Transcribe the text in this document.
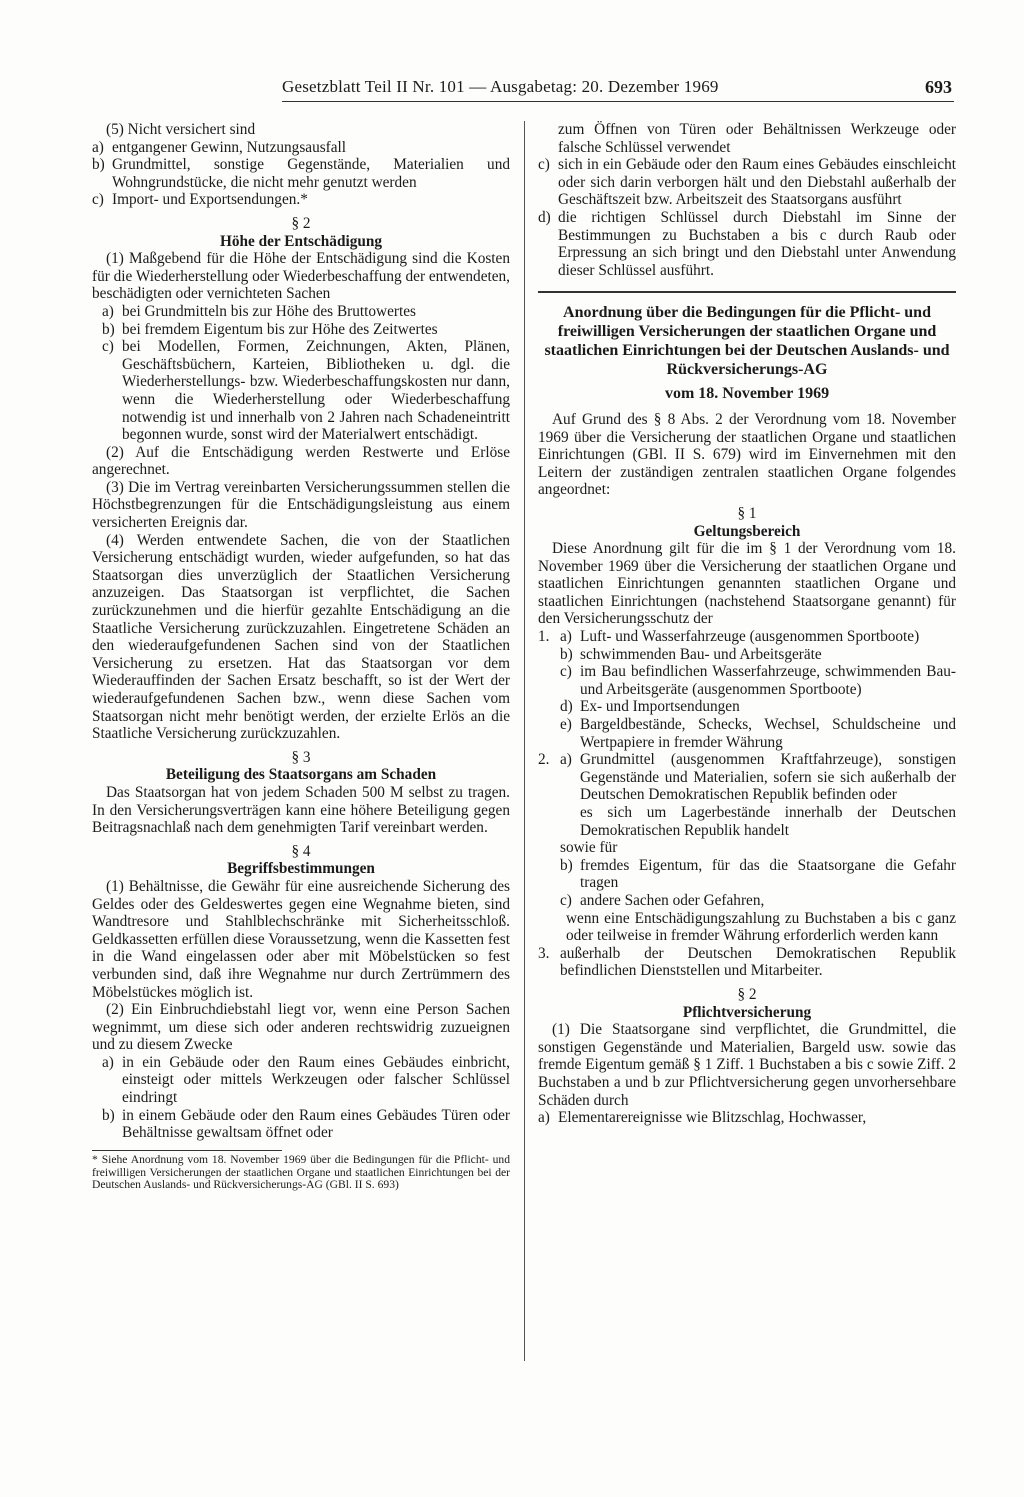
Gesetzblatt Teil II Nr. 101 — Ausgabetag: 20. Dezember 1969	693

(5) Nicht versichert sind

a) entgangener Gewinn, Nutzungsausfall
b) Grundmittel, sonstige Gegenstände, Materialien und Wohngrundstücke, die nicht mehr genutzt werden
c) Import- und Exportsendungen.*
§ 2
Höhe der Entschädigung

(1) Maßgebend für die Höhe der Entschädigung sind die Kosten für die Wiederherstellung oder Wiederbeschaffung der entwendeten, beschädigten oder vernichteten Sachen

a) bei Grundmitteln bis zur Höhe des Bruttowertes
b) bei fremdem Eigentum bis zur Höhe des Zeitwertes
c) bei Modellen, Formen, Zeichnungen, Akten, Plänen, Geschäftsbüchern, Karteien, Bibliotheken u. dgl. die Wiederherstellungs- bzw. Wiederbeschaffungskosten nur dann, wenn die Wiederherstellung oder Wiederbeschaffung notwendig ist und innerhalb von 2 Jahren nach Schadeneintritt begonnen wurde, sonst wird der Materialwert entschädigt.

(2) Auf die Entschädigung werden Restwerte und Erlöse angerechnet.

(3) Die im Vertrag vereinbarten Versicherungssummen stellen die Höchstbegrenzungen für die Entschädigungsleistung aus einem versicherten Ereignis dar.

(4) Werden entwendete Sachen, die von der Staatlichen Versicherung entschädigt wurden, wieder aufgefunden, so hat das Staatsorgan dies unverzüglich der Staatlichen Versicherung anzuzeigen. Das Staatsorgan ist verpflichtet, die Sachen zurückzunehmen und die hierfür gezahlte Entschädigung an die Staatliche Versicherung zurückzuzahlen. Eingetretene Schäden an den wiederaufgefundenen Sachen sind von der Staatlichen Versicherung zu ersetzen. Hat das Staatsorgan vor dem Wiederauffinden der Sachen Ersatz beschafft, so ist der Wert der wiederaufgefundenen Sachen bzw., wenn diese Sachen vom Staatsorgan nicht mehr benötigt werden, der erzielte Erlös an die Staatliche Versicherung zurückzuzahlen.

§ 3
Beteiligung des Staatsorgans am Schaden

Das Staatsorgan hat von jedem Schaden 500 M selbst zu tragen. In den Versicherungsverträgen kann eine höhere Beteiligung gegen Beitragsnachlaß nach dem genehmigten Tarif vereinbart werden.

§ 4
Begriffsbestimmungen

(1) Behältnisse, die Gewähr für eine ausreichende Sicherung des Geldes oder des Geldeswertes gegen eine Wegnahme bieten, sind Wandtresore und Stahlblechschränke mit Sicherheitsschloß. Geldkassetten erfüllen diese Voraussetzung, wenn die Kassetten fest in die Wand eingelassen oder aber mit Möbelstücken so fest verbunden sind, daß ihre Wegnahme nur durch Zertrümmern des Möbelstückes möglich ist.

(2) Ein Einbruchdiebstahl liegt vor, wenn eine Person Sachen wegnimmt, um diese sich oder anderen rechtswidrig zuzueignen und zu diesem Zwecke

a) in ein Gebäude oder den Raum eines Gebäudes einbricht, einsteigt oder mittels Werkzeugen oder falscher Schlüssel eindringt
b) in einem Gebäude oder den Raum eines Gebäudes Türen oder Behältnisse gewaltsam öffnet oder

* Siehe Anordnung vom 18. November 1969 über die Bedingungen für die Pflicht- und freiwilligen Versicherungen der staatlichen Organe und staatlichen Einrichtungen bei der Deutschen Auslands- und Rückversicherungs-AG (GBl. II S. 693)

zum Öffnen von Türen oder Behältnissen Werkzeuge oder falsche Schlüssel verwendet

c) sich in ein Gebäude oder den Raum eines Gebäudes einschleicht oder sich darin verborgen hält und den Diebstahl außerhalb der Geschäftszeit bzw. Arbeitszeit des Staatsorgans ausführt
d) die richtigen Schlüssel durch Diebstahl im Sinne der Bestimmungen zu Buchstaben a bis c durch Raub oder Erpressung an sich bringt und den Diebstahl unter Anwendung dieser Schlüssel ausführt.
Anordnung über die Bedingungen für die Pflicht- und freiwilligen Versicherungen der staatlichen Organe und staatlichen Einrichtungen bei der Deutschen Auslands- und Rückversicherungs-AG
vom 18. November 1969

Auf Grund des § 8 Abs. 2 der Verordnung vom 18. November 1969 über die Versicherung der staatlichen Organe und staatlichen Einrichtungen (GBl. II S. 679) wird im Einvernehmen mit den Leitern der zuständigen zentralen staatlichen Organe folgendes angeordnet:

§ 1
Geltungsbereich

Diese Anordnung gilt für die im § 1 der Verordnung vom 18. November 1969 über die Versicherung der staatlichen Organe und staatlichen Einrichtungen genannten staatlichen Organe und staatlichen Einrichtungen (nachstehend Staatsorgane genannt) für den Versicherungsschutz der

1. a) Luft- und Wasserfahrzeuge (ausgenommen Sportboote)
b) schwimmenden Bau- und Arbeitsgeräte
c) im Bau befindlichen Wasserfahrzeuge, schwimmenden Bau- und Arbeitsgeräte (ausgenommen Sportboote)
d) Ex- und Importsendungen
e) Bargeldbestände, Schecks, Wechsel, Schuldscheine und Wertpapiere in fremder Währung
2. a) Grundmittel (ausgenommen Kraftfahrzeuge), sonstigen Gegenstände und Materialien, sofern sie sich außerhalb der Deutschen Demokratischen Republik befinden oder

es sich um Lagerbestände innerhalb der Deutschen Demokratischen Republik handelt

sowie für

b) fremdes Eigentum, für das die Staatsorgane die Gefahr tragen
c) andere Sachen oder Gefahren,

wenn eine Entschädigungszahlung zu Buchstaben a bis c ganz oder teilweise in fremder Währung erforderlich werden kann

3. außerhalb der Deutschen Demokratischen Republik befindlichen Dienststellen und Mitarbeiter.

§ 2
Pflichtversicherung

(1) Die Staatsorgane sind verpflichtet, die Grundmittel, die sonstigen Gegenstände und Materialien, Bargeld usw. sowie das fremde Eigentum gemäß § 1 Ziff. 1 Buchstaben a bis c sowie Ziff. 2 Buchstaben a und b zur Pflichtversicherung gegen unvorhersehbare Schäden durch

a) Elementarereignisse wie Blitzschlag, Hochwasser,
